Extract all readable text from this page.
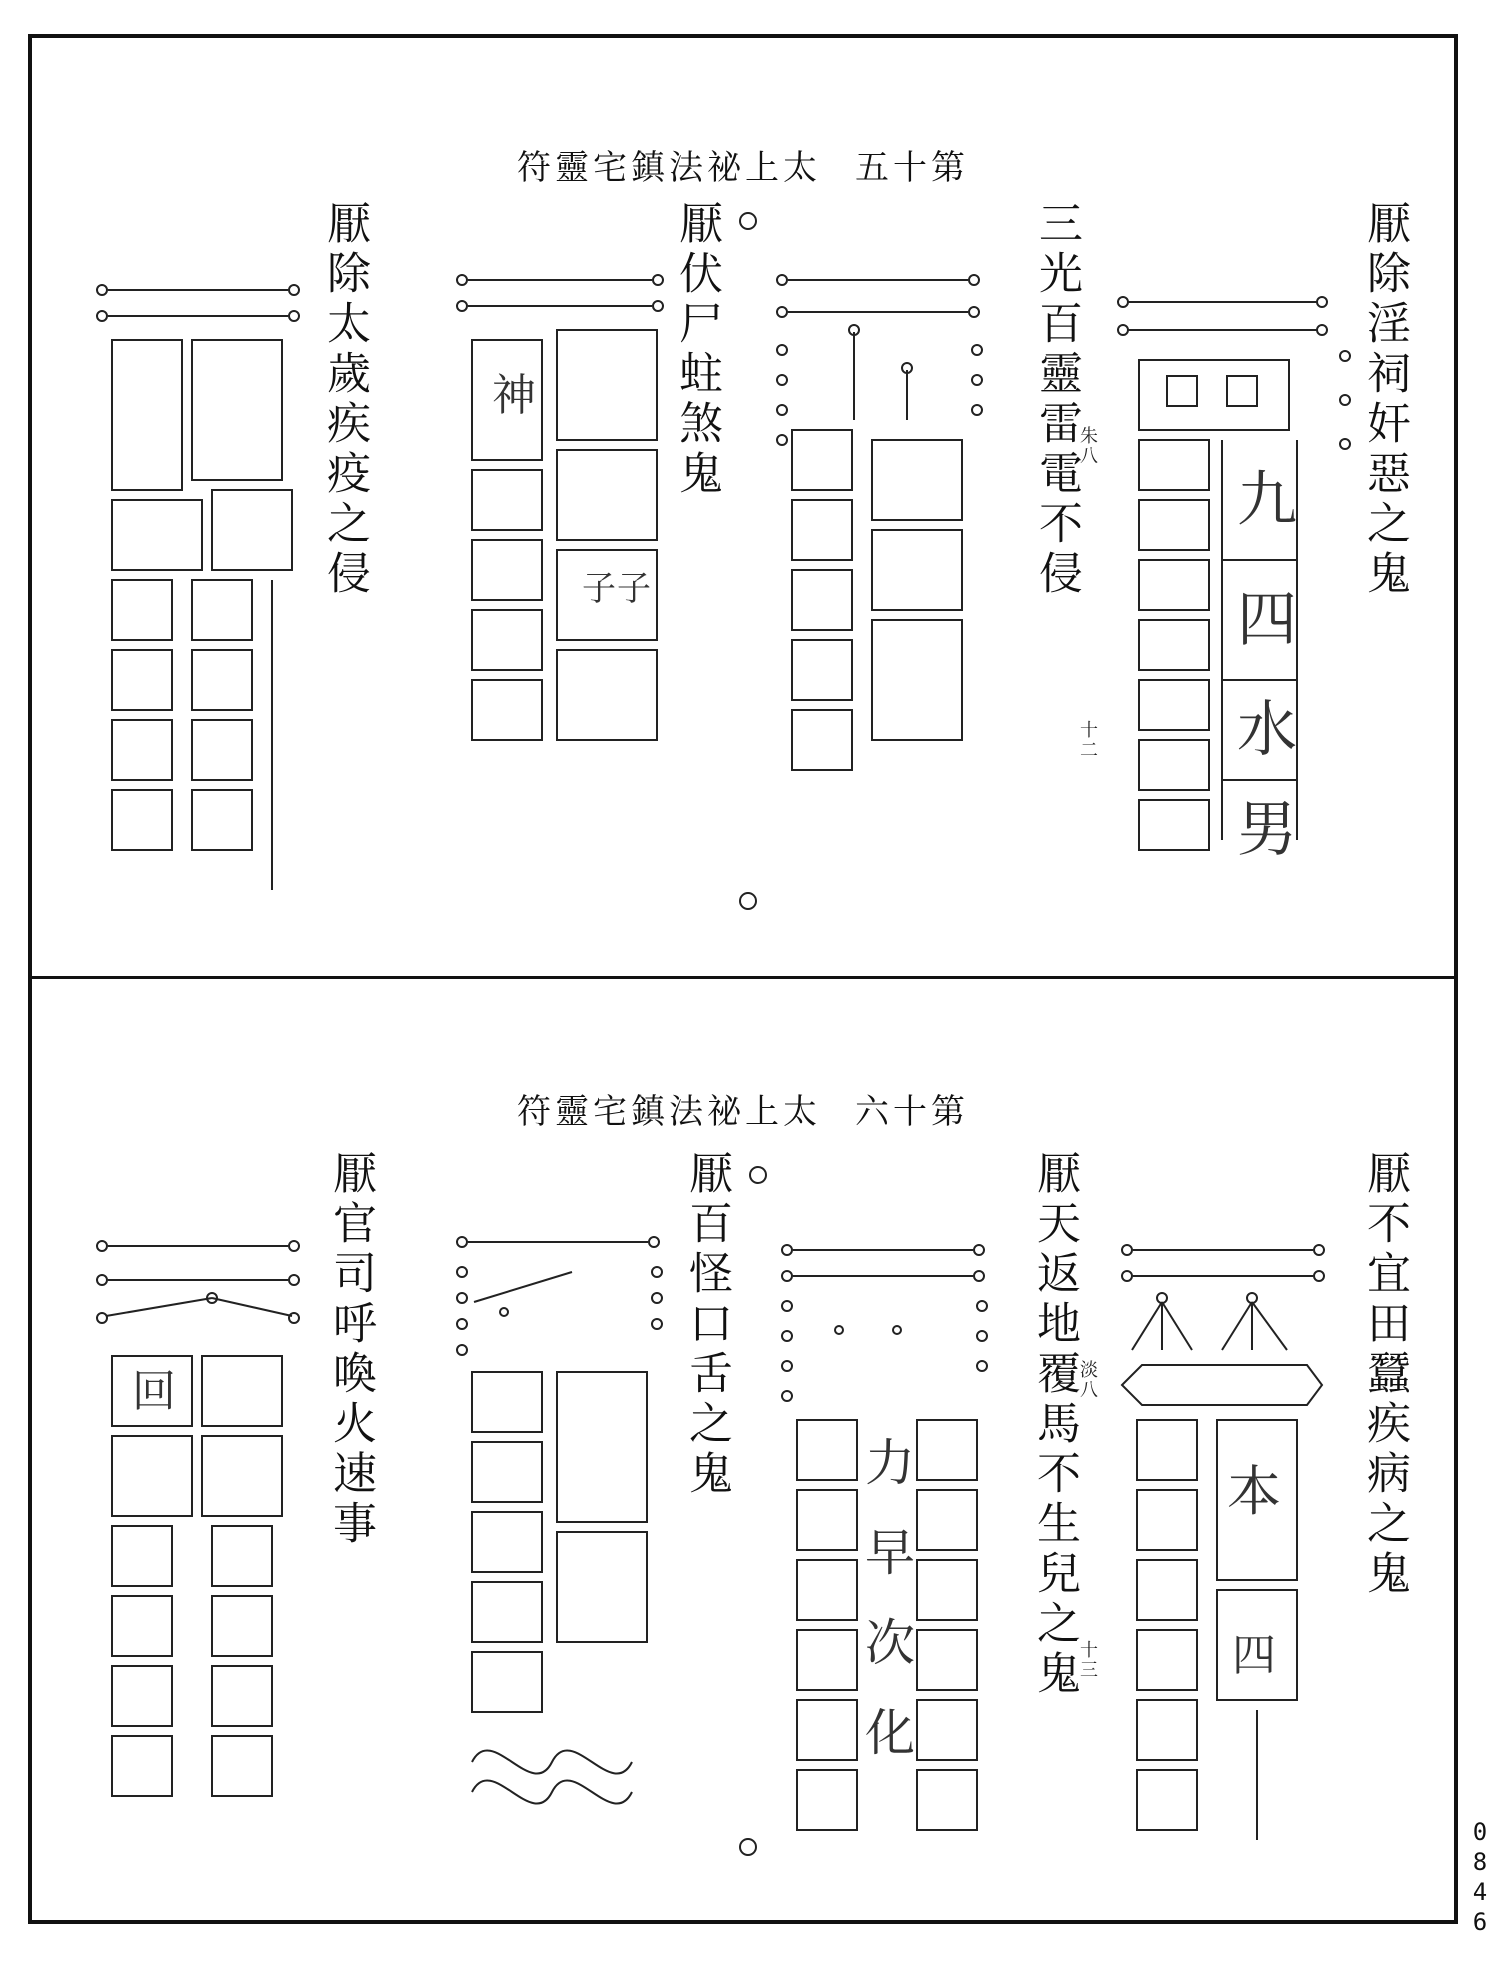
太上祕法鎮宅靈符 第十五
厭除淫祠奸惡之鬼
三光百靈雷電不侵
厭伏尸蛀煞鬼
厭除太歲疾疫之侵	朱八
十二
九
四
水
男
神
子 子
太上祕法鎮宅靈符 第十六
厭不宜田蠶疾病之鬼
厭天返地覆馬不生兒之鬼
厭百怪口舌之鬼
厭官司呼喚火速事	淡八
十三
本
四
力
早
次
化
回
0846
